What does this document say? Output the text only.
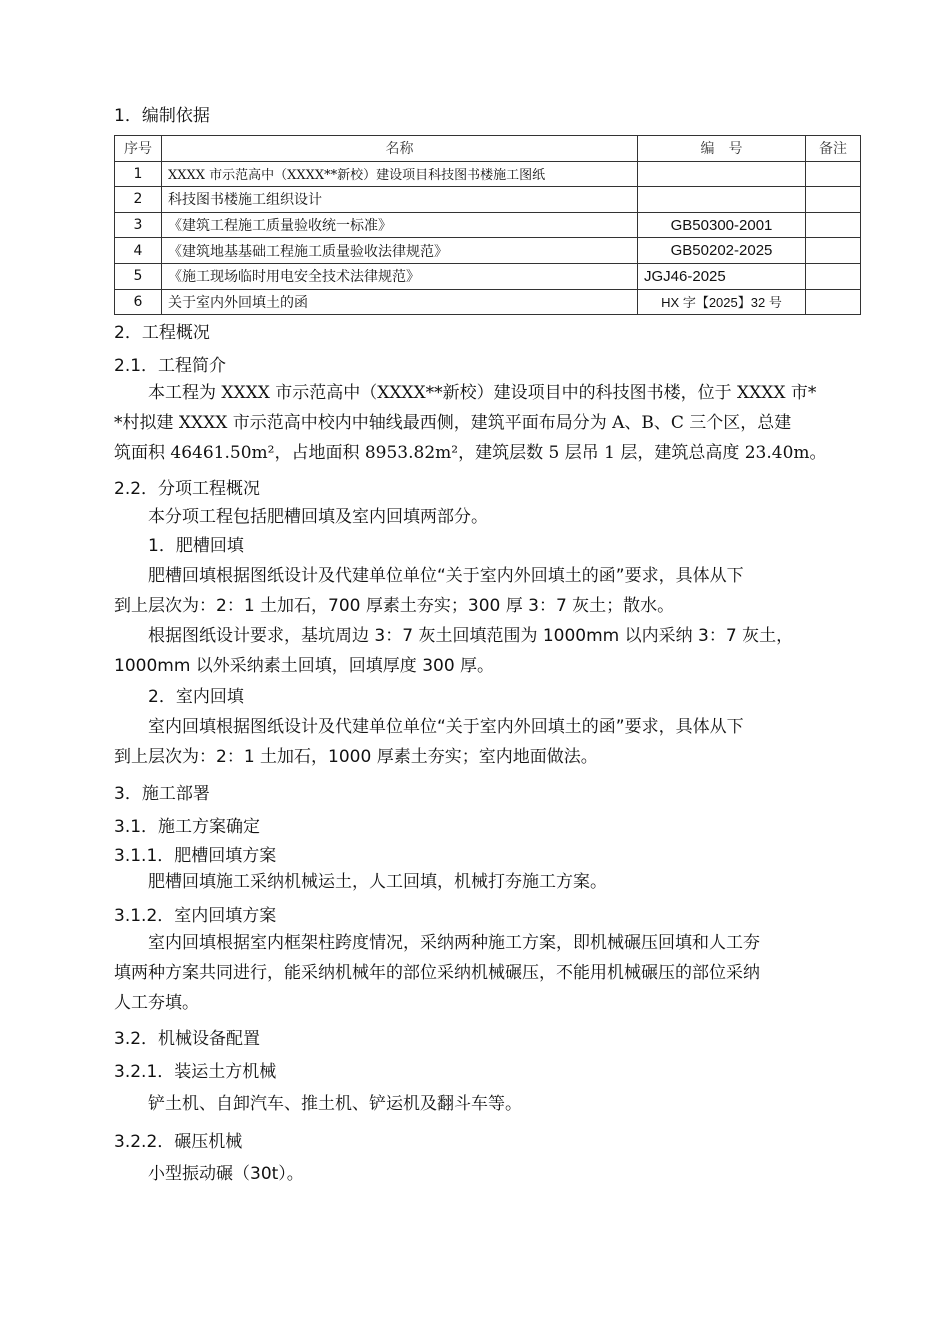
1．编制依据
序号	名称	编　号	备注
1	XXXX 市示范高中（XXXX**新校）建设项目科技图书楼施工图纸		
2	科技图书楼施工组织设计		
3	《建筑工程施工质量验收统一标准》	GB50300-2001	
4	《建筑地基基础工程施工质量验收法律规范》	GB50202-2025	
5	《施工现场临时用电安全技术法律规范》	JGJ46-2025	
6	关于室内外回填土的函	HX 字【2025】32 号	
2．工程概况
2.1．工程简介
　　本工程为 XXXX 市示范高中（XXXX**新校）建设项目中的科技图书楼，位于 XXXX 市*
*村拟建 XXXX 市示范高中校内中轴线最西侧，建筑平面布局分为 A、B、C 三个区，总建
筑面积 46461.50m²，占地面积 8953.82m²，建筑层数 5 层吊 1 层，建筑总高度 23.40m。
2.2．分项工程概况
　　本分项工程包括肥槽回填及室内回填两部分。
　　1．肥槽回填
　　肥槽回填根据图纸设计及代建单位单位“关于室内外回填土的函”要求，具体从下
到上层次为：2：1 土加石，700 厚素土夯实；300 厚 3：7 灰土；散水。
　　根据图纸设计要求，基坑周边 3：7 灰土回填范围为 1000mm 以内采纳 3：7 灰土，
1000mm 以外采纳素土回填，回填厚度 300 厚。
　　2．室内回填
　　室内回填根据图纸设计及代建单位单位“关于室内外回填土的函”要求，具体从下
到上层次为：2：1 土加石，1000 厚素土夯实；室内地面做法。
3．施工部署
3.1．施工方案确定
3.1.1．肥槽回填方案
　　肥槽回填施工采纳机械运土，人工回填，机械打夯施工方案。
3.1.2．室内回填方案
　　室内回填根据室内框架柱跨度情况，采纳两种施工方案，即机械碾压回填和人工夯
填两种方案共同进行，能采纳机械年的部位采纳机械碾压，不能用机械碾压的部位采纳
人工夯填。
3.2．机械设备配置
3.2.1．装运土方机械
　　铲土机、自卸汽车、推土机、铲运机及翻斗车等。
3.2.2．碾压机械
　　小型振动碾（30t）。
